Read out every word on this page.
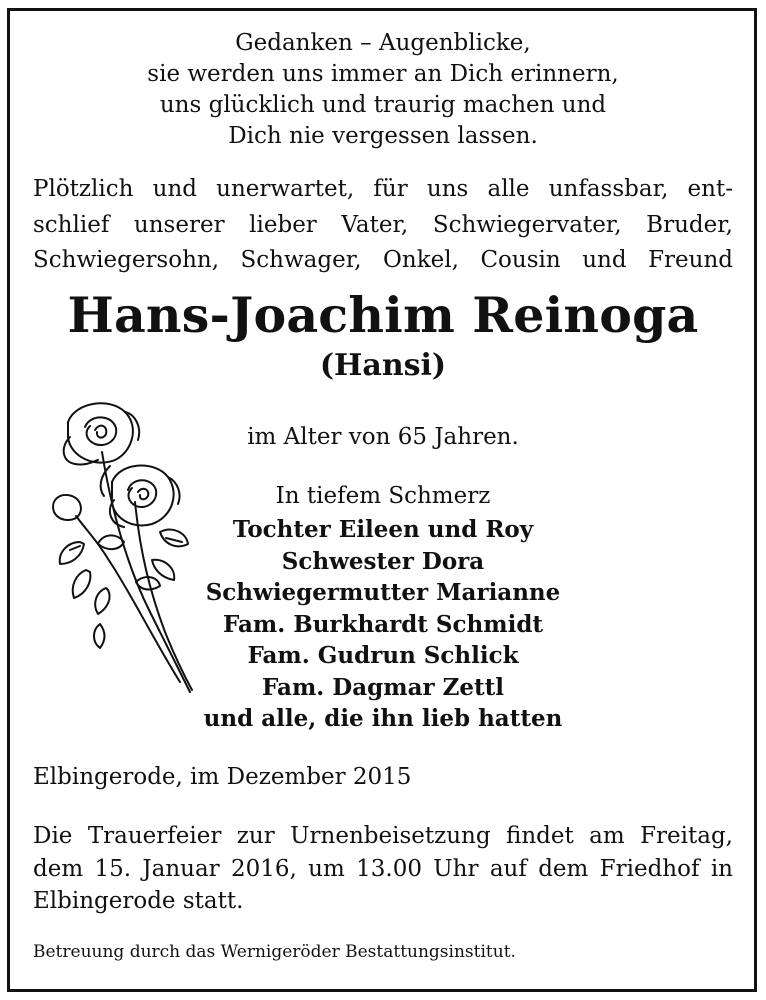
Gedanken – Augenblicke,
sie werden uns immer an Dich erinnern,
uns glücklich und traurig machen und
Dich nie vergessen lassen.
Plötzlich und unerwartet, für uns alle unfassbar, ent-
schlief unserer lieber Vater, Schwiegervater, Bruder,
Schwiegersohn, Schwager, Onkel, Cousin und Freund
Hans-Joachim Reinoga
(Hansi)
im Alter von 65 Jahren.
In tiefem Schmerz
Tochter Eileen und Roy
Schwester Dora
Schwiegermutter Marianne
Fam. Burkhardt Schmidt
Fam. Gudrun Schlick
Fam. Dagmar Zettl
und alle, die ihn lieb hatten
Elbingerode, im Dezember 2015
Die Trauerfeier zur Urnenbeisetzung findet am Freitag,
dem 15. Januar 2016, um 13.00 Uhr auf dem Friedhof in
Elbingerode statt.
Betreuung durch das Wernigeröder Bestattungsinstitut.
